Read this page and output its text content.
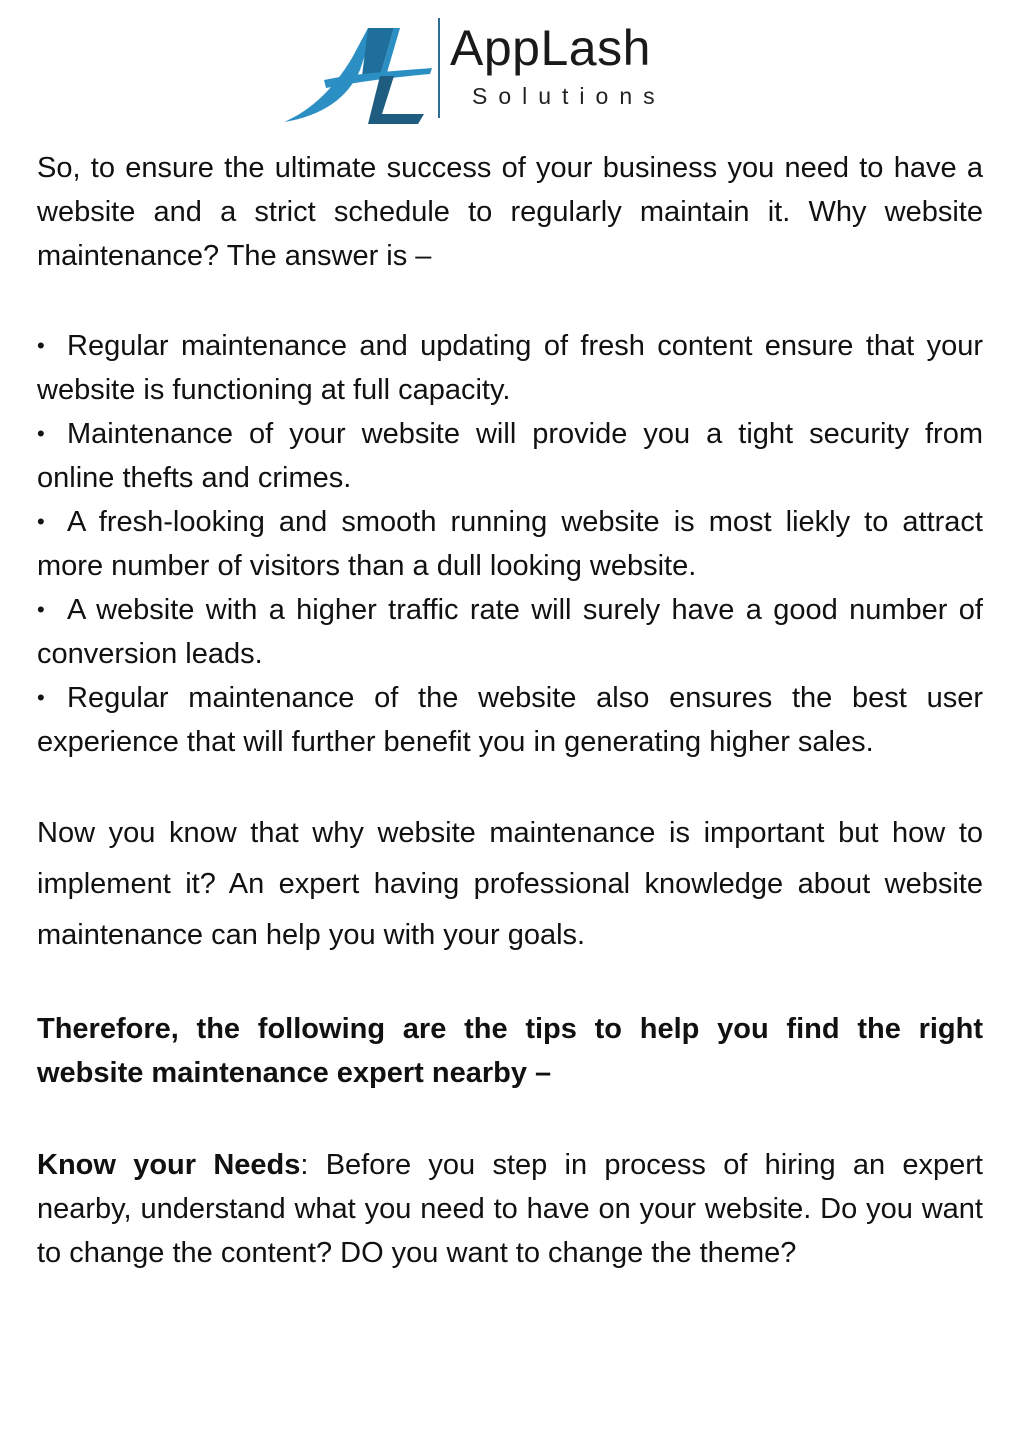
AppLash
Solutions

So, to ensure the ultimate success of your business you need to have a website and a strict schedule to regularly maintain it. Why website maintenance? The answer is –

• Regular maintenance and updating of fresh content ensure that your website is functioning at full capacity.
• Maintenance of your website will provide you a tight security from online thefts and crimes.
• A fresh-looking and smooth running website is most liekly to attract more number of visitors than a dull looking website.
• A website with a higher traffic rate will surely have a good number of conversion leads.
• Regular maintenance of the website also ensures the best user experience that will further benefit you in generating higher sales.

Now you know that why website maintenance is important but how to implement it? An expert having professional knowledge about website maintenance can help you with your goals.

Therefore, the following are the tips to help you find the right website maintenance expert nearby –

Know your Needs: Before you step in process of hiring an expert nearby, understand what you need to have on your website. Do you want to change the content? DO you want to change the theme?
